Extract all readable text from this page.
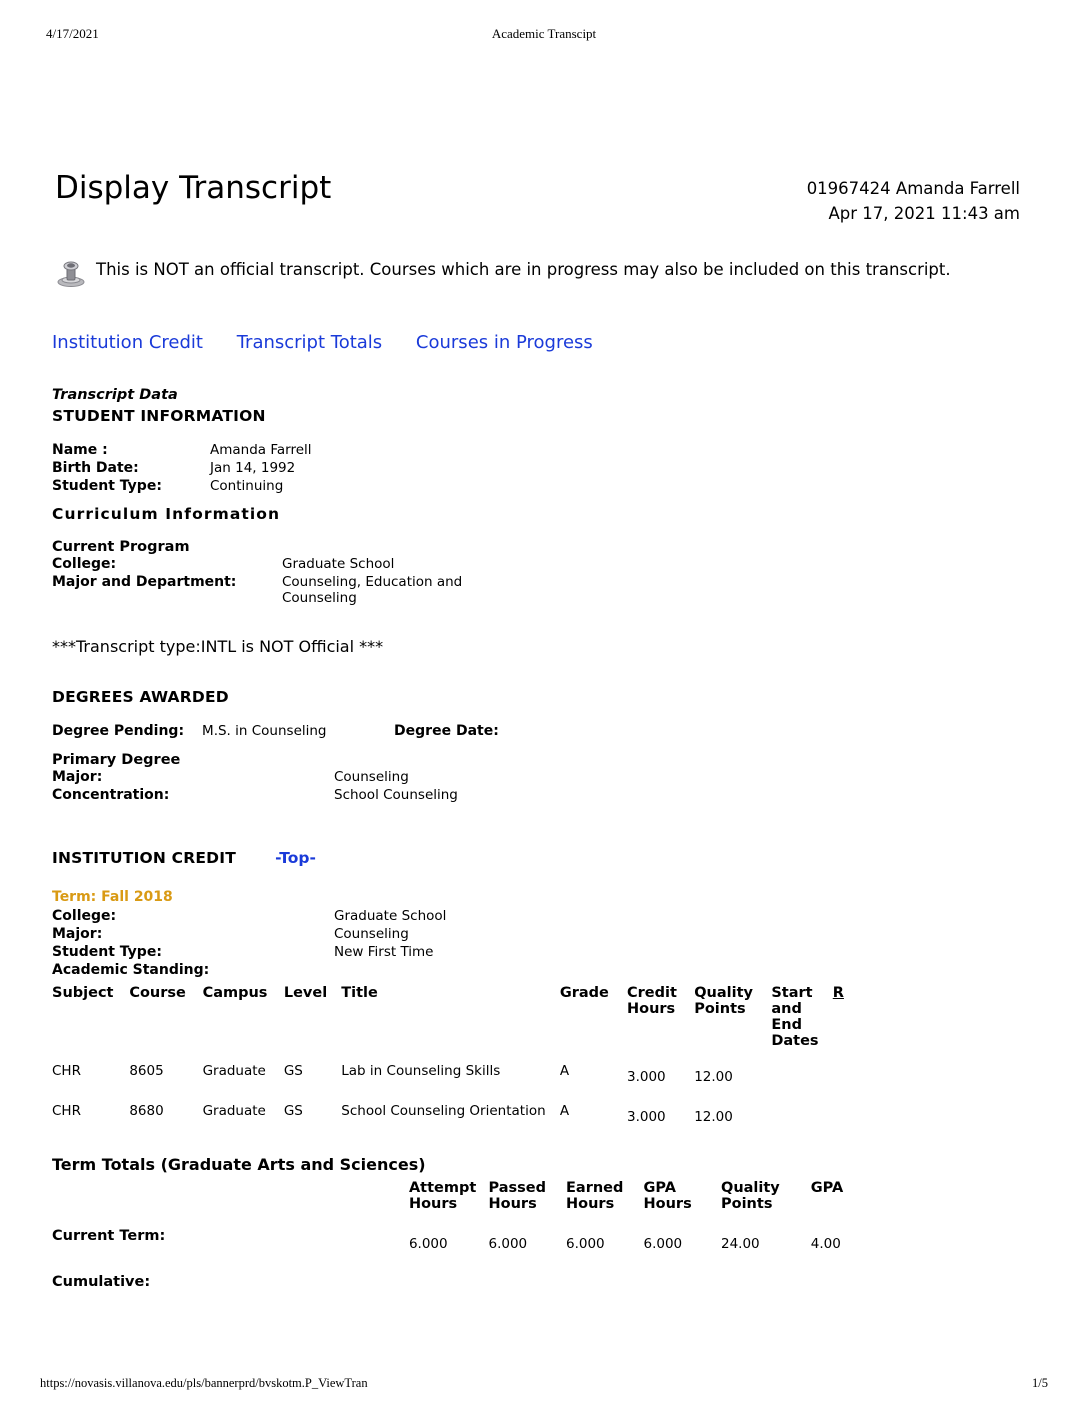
4/17/2021	Academic Transcipt
Display Transcript	01967424 Amanda Farrell
Apr 17, 2021 11:43 am
This is NOT an official transcript. Courses which are in progress may also be included on this transcript.
Institution Credit Transcript Totals Courses in Progress
Transcript Data
STUDENT INFORMATION
Name :	Amanda Farrell
Birth Date:	Jan 14, 1992
Student Type:	Continuing
Curriculum Information
Current Program
College:	Graduate School
Major and Department:	Counseling, Education and Counseling
***Transcript type:INTL is NOT Official ***
DEGREES AWARDED
Degree Pending:	M.S. in Counseling	Degree Date:	
Primary Degree
Major:	Counseling
Concentration:	School Counseling
INSTITUTION CREDIT	-Top-
Term: Fall 2018
College:	Graduate School
Major:	Counseling
Student Type:	New First Time
Academic Standing:	
Subject	Course	Campus	Level	Title	Grade	Credit Hours	Quality Points	Start and End Dates	R
CHR	8605	Graduate	GS	Lab in Counseling Skills	A	3.000	12.00		
CHR	8680	Graduate	GS	School Counseling Orientation	A	3.000	12.00		
Term Totals (Graduate Arts and Sciences)
	Attempt Hours	Passed Hours	Earned Hours	GPA Hours	Quality Points	GPA
Current Term:	6.000	6.000	6.000	6.000	24.00	4.00
Cumulative:						
https://novasis.villanova.edu/pls/bannerprd/bvskotm.P_ViewTran	1/5
